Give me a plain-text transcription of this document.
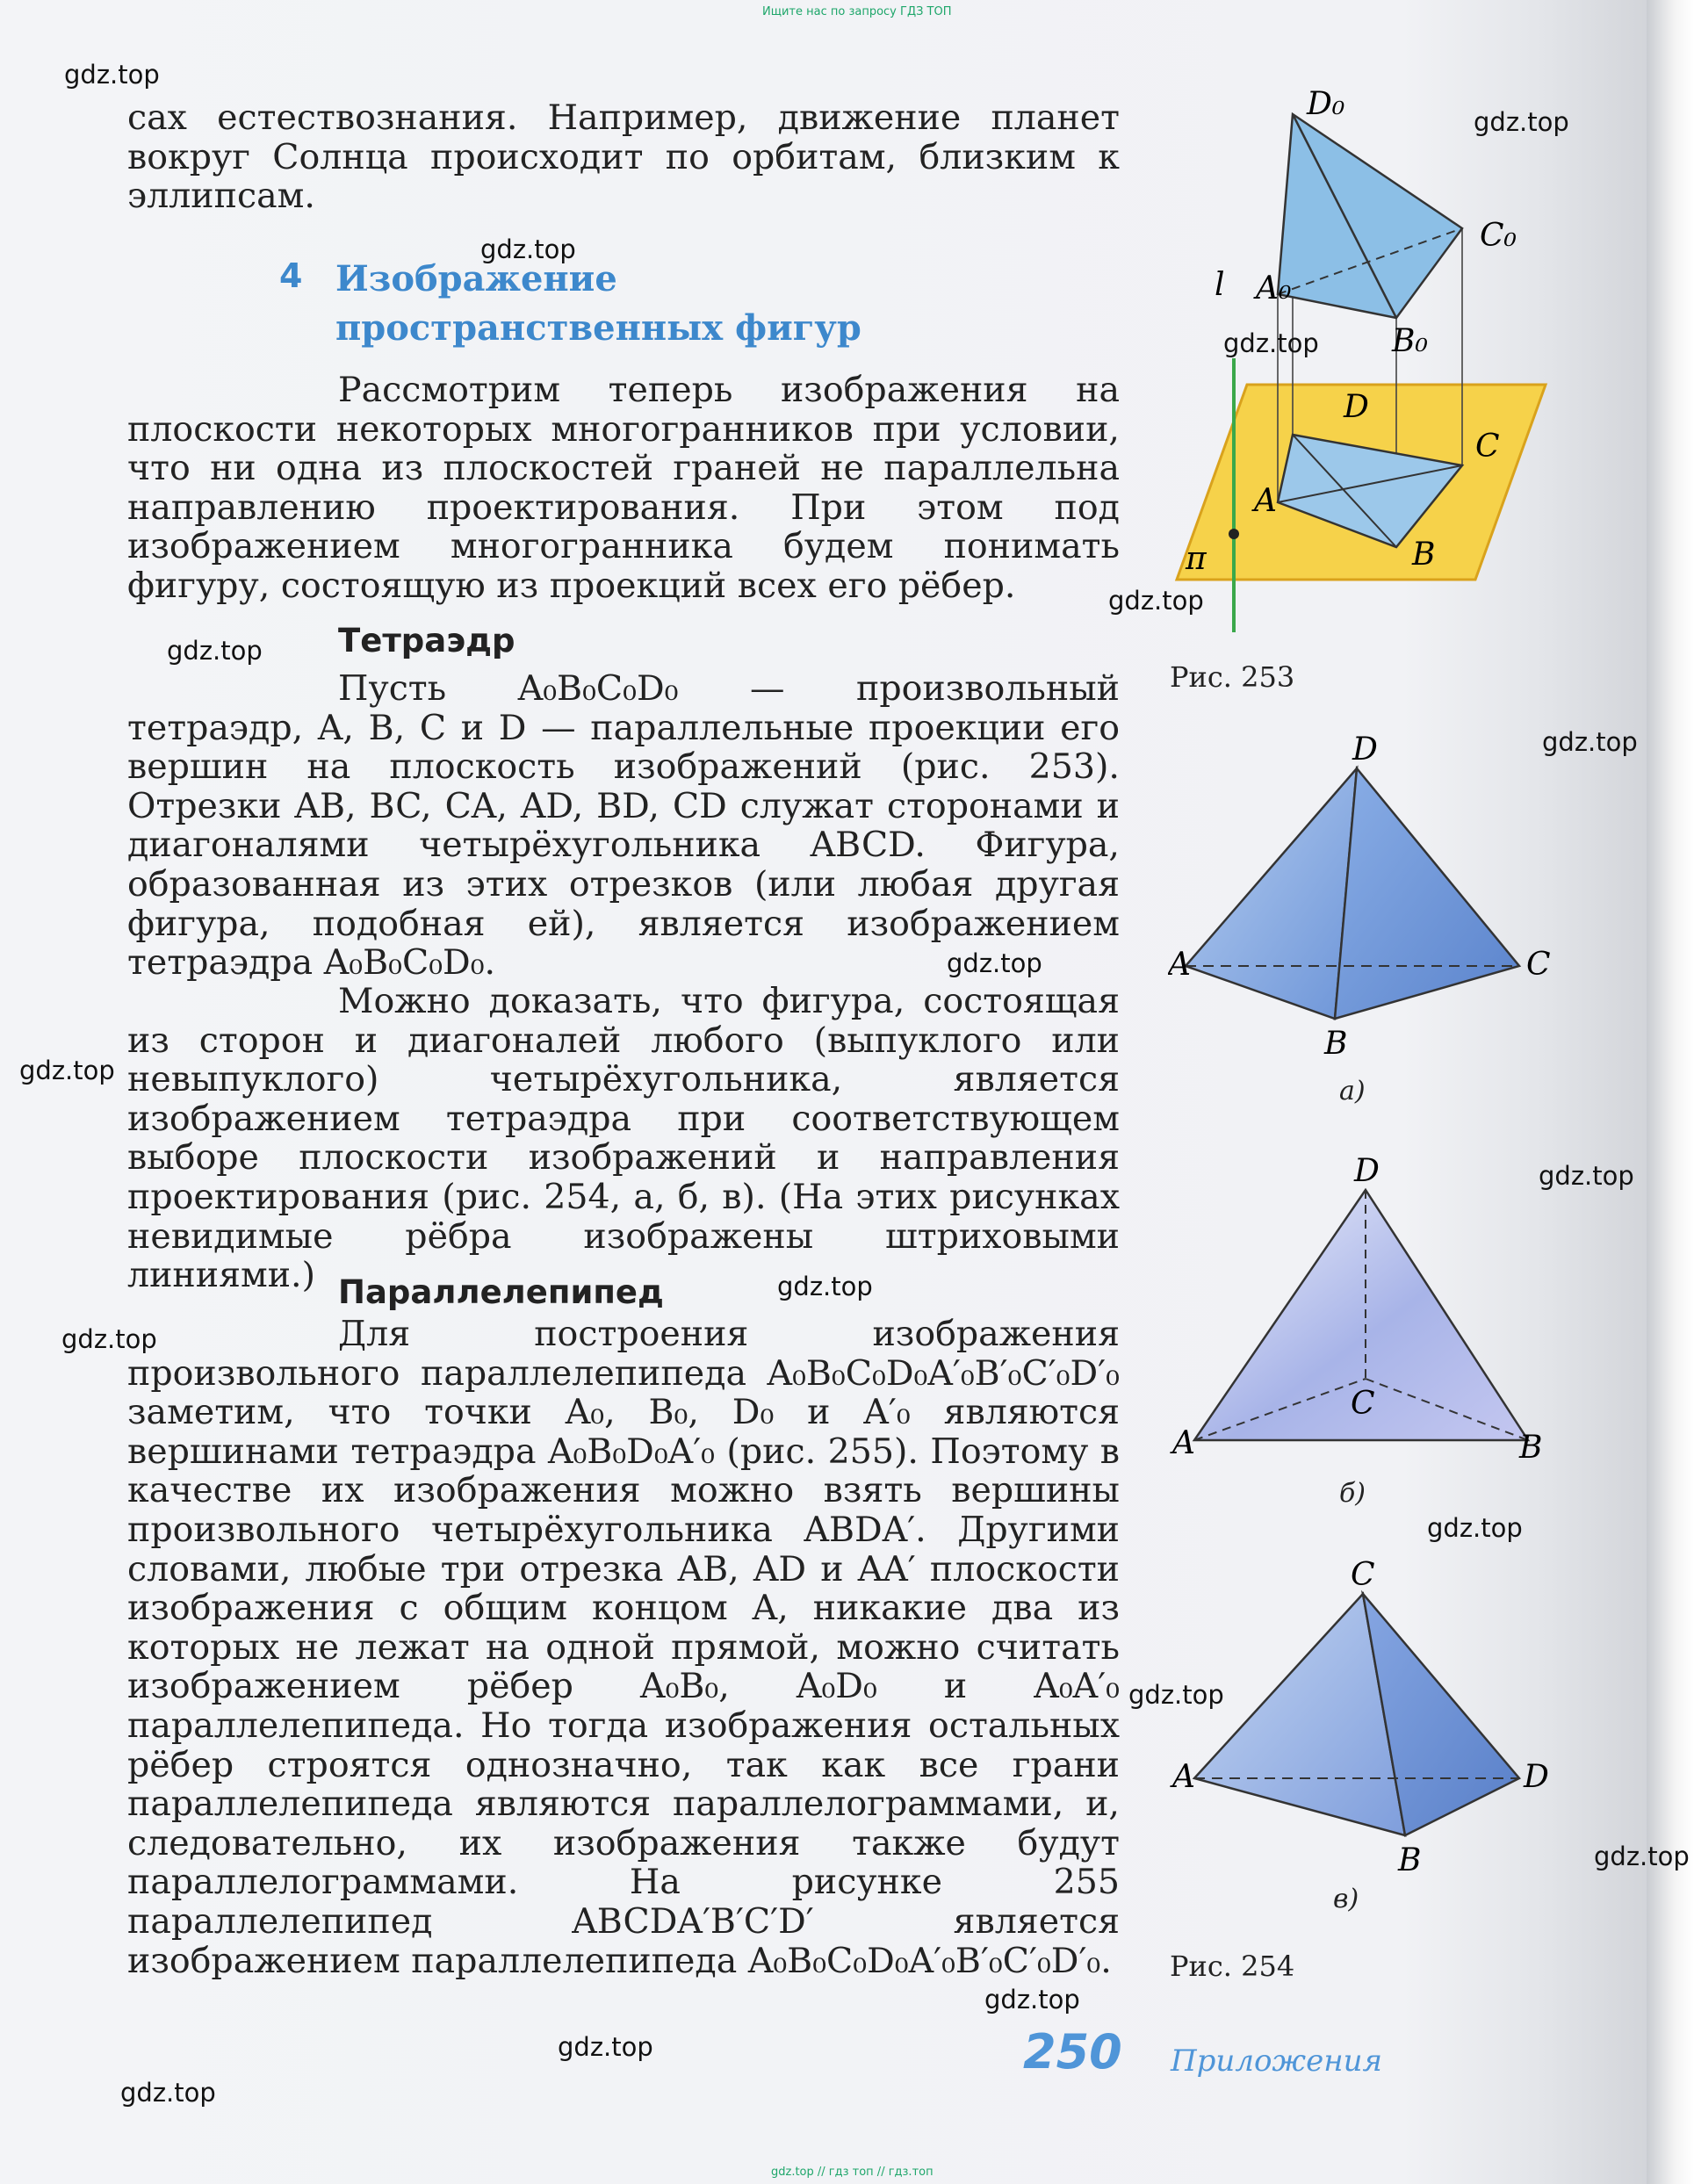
Ищите нас по запросу ГДЗ ТОП
gdz.top // гдз топ // гдз.топ

сах естествознания. Например, движение планет вокруг Солнца происходит по орбитам, близким к эллипсам.

4 Изображение
пространственных фигур

Рассмотрим теперь изображения на плоскости некоторых многогранников при условии, что ни одна из плоскостей граней не параллельна направлению проектирования. При этом под изображением многогранника будем понимать фигуру, состоящую из проекций всех его рёбер.

Тетраэдр

Пусть A₀B₀C₀D₀ — произвольный тетраэдр, A, B, C и D — параллельные проекции его вершин на плоскость изображений (рис. 253). Отрезки AB, BC, CA, AD, BD, CD служат сторонами и диагоналями четырёхугольника ABCD. Фигура, образованная из этих отрезков (или любая другая фигура, подобная ей), является изображением тетраэдра A₀B₀C₀D₀.

Можно доказать, что фигура, состоящая из сторон и диагоналей любого (выпуклого или невыпуклого) четырёхугольника, является изображением тетраэдра при соответствующем выборе плоскости изображений и направления проектирования (рис. 254, а, б, в). (На этих рисунках невидимые рёбра изображены штриховыми линиями.) Параллелепипед

Для построения изображения произвольного параллелепипеда A₀B₀C₀D₀A′₀B′₀C′₀D′₀ заметим, что точки A₀, B₀, D₀ и A′₀ являются вершинами тетраэдра A₀B₀D₀A′₀ (рис. 255). Поэтому в качестве их изображения можно взять вершины произвольного четырёхугольника ABDA′. Другими словами, любые три отрезка AB, AD и AA′ плоскости изображения с общим концом A, никакие два из которых не лежат на одной прямой, можно считать изображением рёбер A₀B₀, A₀D₀ и A₀A′₀ параллелепипеда. Но тогда изображения остальных рёбер строятся однозначно, так как все грани параллелепипеда являются параллелограммами, и, следовательно, их изображения также будут параллелограммами. На рисунке 255 параллелепипед ABCDA′B′C′D′ является изображением параллелепипеда A₀B₀C₀D₀A′₀B′₀C′₀D′₀.

D₀
C₀
A₀
B₀
l
D
C
A
B
π
Рис. 253
D
A	C
B
а)
D
C
A	B
б)
C
A	D
B
в)
Рис. 254
250 Приложения
gdz.top
gdz.top
gdz.top
gdz.top
gdz.top
gdz.top
gdz.top
gdz.top
gdz.top
gdz.top
gdz.top
gdz.top
gdz.top
gdz.top
gdz.top
gdz.top
gdz.top
gdz.top
